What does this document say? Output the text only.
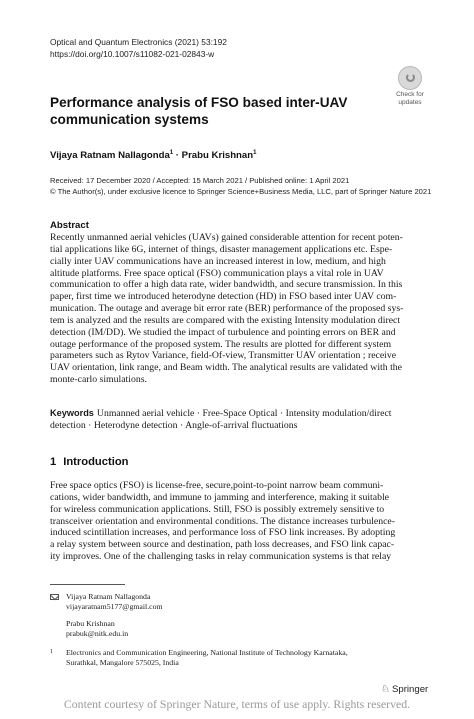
Optical and Quantum Electronics (2021) 53:192
https://doi.org/10.1007/s11082-021-02843-w
Check for
updates
Performance analysis of FSO based inter-UAV communication systems
Vijaya Ratnam Nallagonda$^1$ · Prabu Krishnan$^1$
Received: 17 December 2020 / Accepted: 15 March 2021 / Published online: 1 April 2021
© The Author(s), under exclusive licence to Springer Science+Business Media, LLC, part of Springer Nature 2021
Abstract
Recently unmanned aerial vehicles (UAVs) gained considerable attention for recent poten-
tial applications like 6G, internet of things, disaster management applications etc. Espe-
cially inter UAV communications have an increased interest in low, medium, and high
altitude platforms. Free space optical (FSO) communication plays a vital role in UAV
communication to offer a high data rate, wider bandwidth, and secure transmission. In this
paper, first time we introduced heterodyne detection (HD) in FSO based inter UAV com-
munication. The outage and average bit error rate (BER) performance of the proposed sys-
tem is analyzed and the results are compared with the existing Intensity modulation direct
detection (IM/DD). We studied the impact of turbulence and pointing errors on BER and
outage performance of the proposed system. The results are plotted for different system
parameters such as Rytov Variance, field-Of-view, Transmitter UAV orientation ; receive
UAV orientation, link range, and Beam width. The analytical results are validated with the
monte-carlo simulations.
Keywords Unmanned aerial vehicle · Free-Space Optical · Intensity modulation/direct
detection · Heterodyne detection · Angle-of-arrival fluctuations
1 Introduction
Free space optics (FSO) is license-free, secure,point-to-point narrow beam communi-
cations, wider bandwidth, and immune to jamming and interference, making it suitable
for wireless communication applications. Still, FSO is possibly extremely sensitive to
transceiver orientation and environmental conditions. The distance increases turbulence-
induced scintillation increases, and performance loss of FSO link increases. By adopting
a relay system between source and destination, path loss decreases, and FSO link capac-
ity improves. One of the challenging tasks in relay communication systems is that relay
Vijaya Ratnam Nallagonda
vijayaratnam5177@gmail.com
Prabu Krishnan
prabuk@nitk.edu.in
1	Electronics and Communication Engineering, National Institute of Technology Karnataka,
Surathkal, Mangalore 575025, India
♘ Springer
Content courtesy of Springer Nature, terms of use apply. Rights reserved.
